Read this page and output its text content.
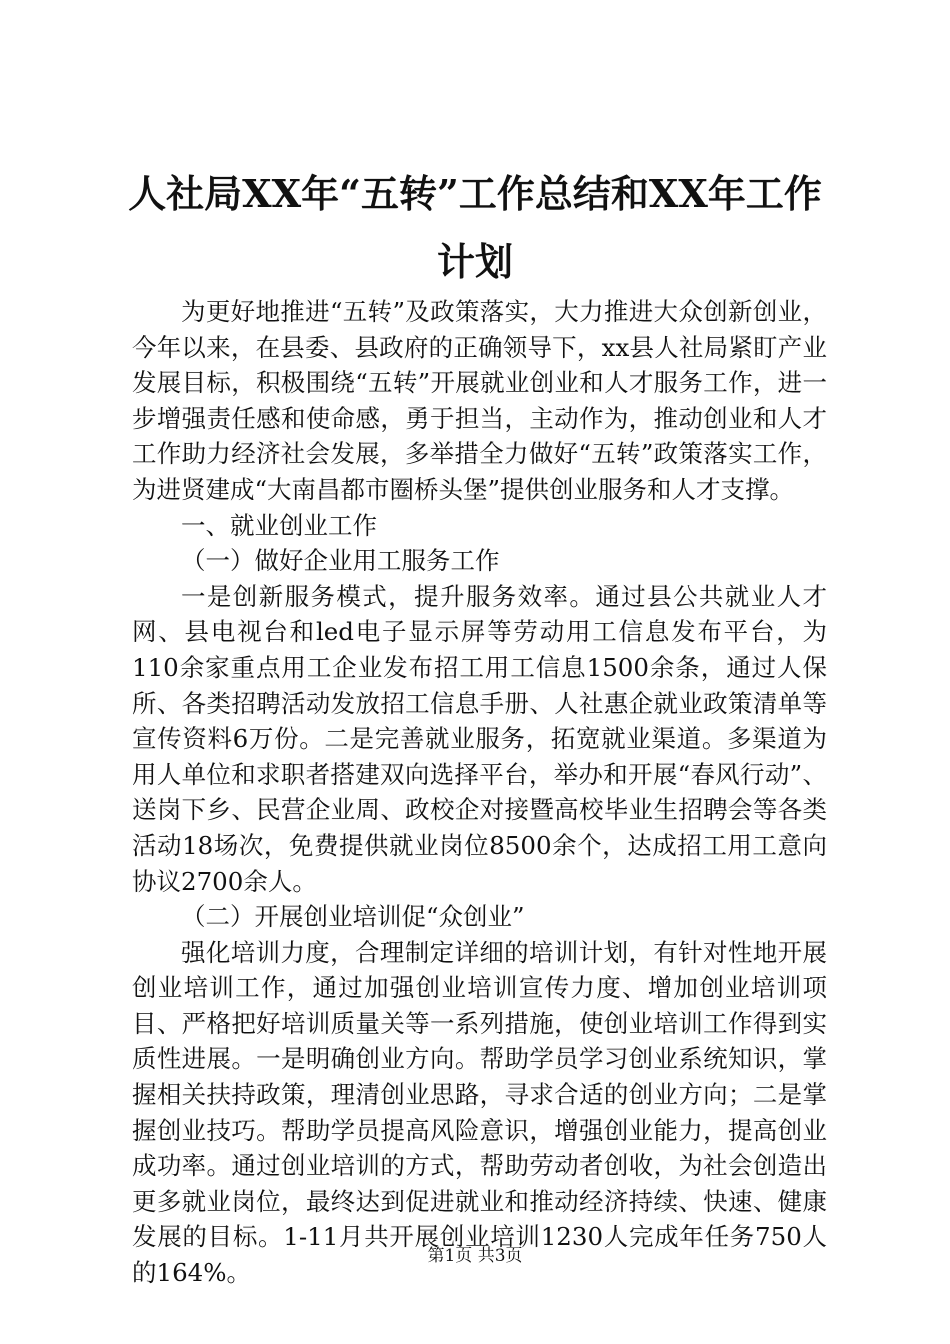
人社局XX年“五转”工作总结和XX年工作计划

为更好地推进“五转”及政策落实，大力推进大众创新创业，今年以来，在县委、县政府的正确领导下，xx县人社局紧盯产业发展目标，积极围绕“五转”开展就业创业和人才服务工作，进一步增强责任感和使命感，勇于担当，主动作为，推动创业和人才工作助力经济社会发展，多举措全力做好“五转”政策落实工作，为进贤建成“大南昌都市圈桥头堡”提供创业服务和人才支撑。

一、就业创业工作

（一）做好企业用工服务工作

一是创新服务模式，提升服务效率。通过县公共就业人才网、县电视台和led电子显示屏等劳动用工信息发布平台，为110余家重点用工企业发布招工用工信息1500余条，通过人保所、各类招聘活动发放招工信息手册、人社惠企就业政策清单等宣传资料6万份。二是完善就业服务，拓宽就业渠道。多渠道为用人单位和求职者搭建双向选择平台，举办和开展“春风行动”、送岗下乡、民营企业周、政校企对接暨高校毕业生招聘会等各类活动18场次，免费提供就业岗位8500余个，达成招工用工意向协议2700余人。

（二）开展创业培训促“众创业”

强化培训力度，合理制定详细的培训计划，有针对性地开展创业培训工作，通过加强创业培训宣传力度、增加创业培训项目、严格把好培训质量关等一系列措施，使创业培训工作得到实质性进展。一是明确创业方向。帮助学员学习创业系统知识，掌握相关扶持政策，理清创业思路，寻求合适的创业方向；二是掌握创业技巧。帮助学员提高风险意识，增强创业能力，提高创业成功率。通过创业培训的方式，帮助劳动者创收，为社会创造出更多就业岗位，最终达到促进就业和推动经济持续、快速、健康发展的目标。1-11月共开展创业培训1230人完成年任务750人的164%。

第1页 共3页
